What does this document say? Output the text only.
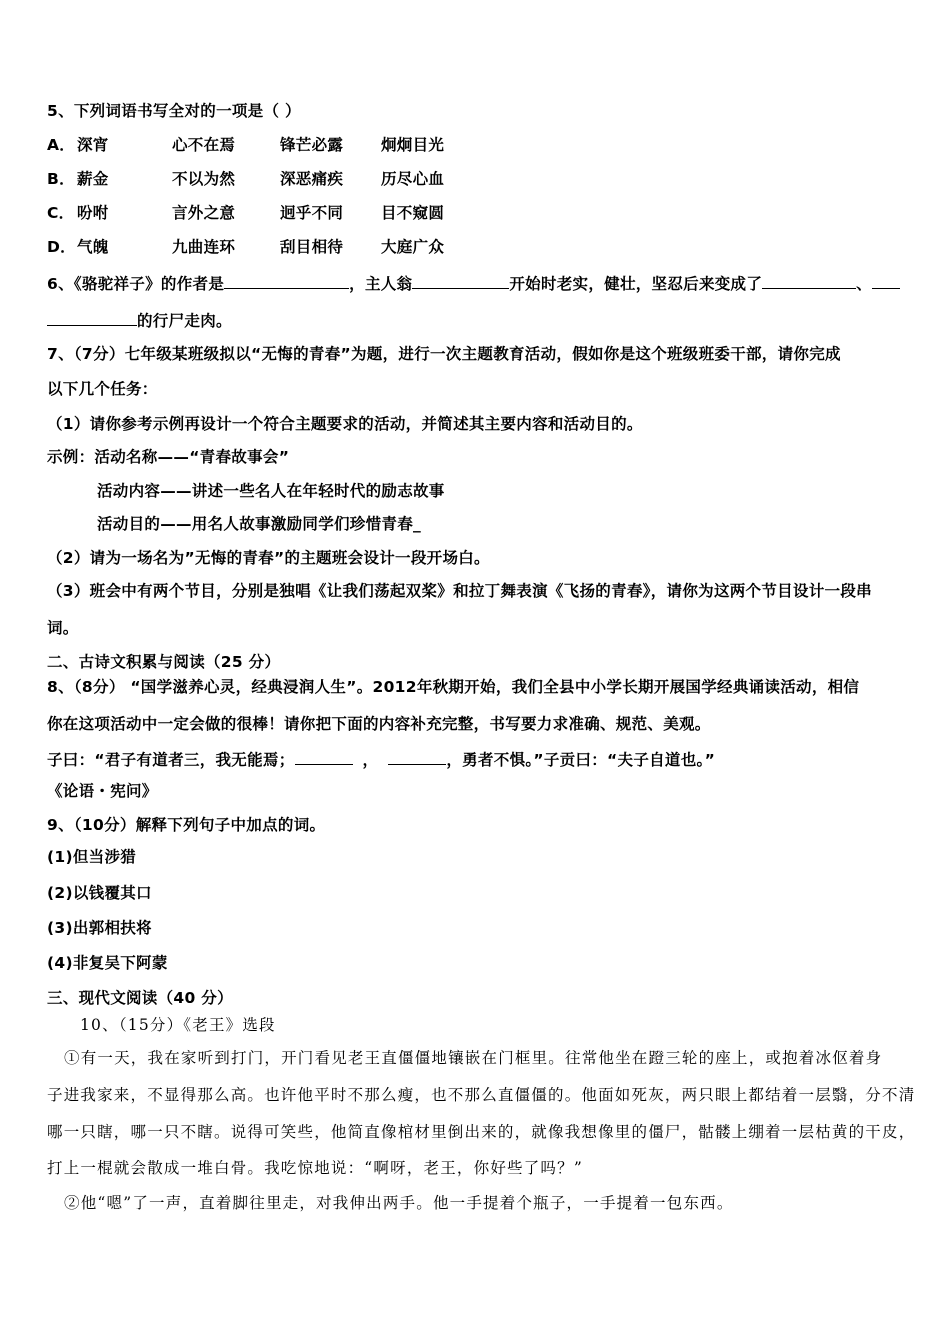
5、下列词语书写全对的一项是（ ）
A． 深宵	心不在焉	锋芒必露 炯炯目光
B． 薪金	不以为然	深恶痛疾 历尽心血
C． 吩咐	言外之意	迥乎不同 目不窥圆
D．气魄	九曲连环	刮目相待 大庭广众
6、《骆驼祥子》的作者是	，主人翁	开始时老实，健壮，坚忍后来变成了	、
的行尸走肉。
7、（7分）七年级某班级拟以“无悔的青春”为题，进行一次主题教育活动，假如你是这个班级班委干部，请你完成
以下几个任务：
（1）请你参考示例再设计一个符合主题要求的活动，并简述其主要内容和活动目的。
示例：活动名称——“青春故事会”
活动内容——讲述一些名人在年轻时代的励志故事
活动目的——用名人故事激励同学们珍惜青春_
（2）请为一场名为”无悔的青春”的主题班会设计一段开场白。
（3）班会中有两个节目，分别是独唱《让我们荡起双桨》和拉丁舞表演《飞扬的青春》，请你为这两个节目设计一段串
词。
二、古诗文积累与阅读（25 分）
8、（8分） “国学滋养心灵，经典浸润人生”。2012年秋期开始，我们全县中小学长期开展国学经典诵读活动，相信
你在这项活动中一定会做的很棒！请你把下面的内容补充完整，书写要力求准确、规范、美观。
子曰：“君子有道者三，我无能焉；	，	，勇者不惧。”子贡曰：“夫子自道也。”
《论语・宪问》
9、（10分）解释下列句子中加点的词。
(1)但当涉猎
(2)以钱覆其口
(3)出郭相扶将
(4)非复吴下阿蒙
三、现代文阅读（40 分）
10、（15分）《老王》选段
①有一天，我在家听到打门，开门看见老王直僵僵地镶嵌在门框里。往常他坐在蹬三轮的座上，或抱着冰伛着身
子进我家来，不显得那么高。也许他平时不那么瘦，也不那么直僵僵的。他面如死灰，两只眼上都结着一层翳，分不清
哪一只瞎，哪一只不瞎。说得可笑些，他简直像棺材里倒出来的，就像我想像里的僵尸，骷髅上绷着一层枯黄的干皮，
打上一棍就会散成一堆白骨。我吃惊地说：“啊呀，老王，你好些了吗？”
②他“嗯”了一声，直着脚往里走，对我伸出两手。他一手提着个瓶子，一手提着一包东西。
